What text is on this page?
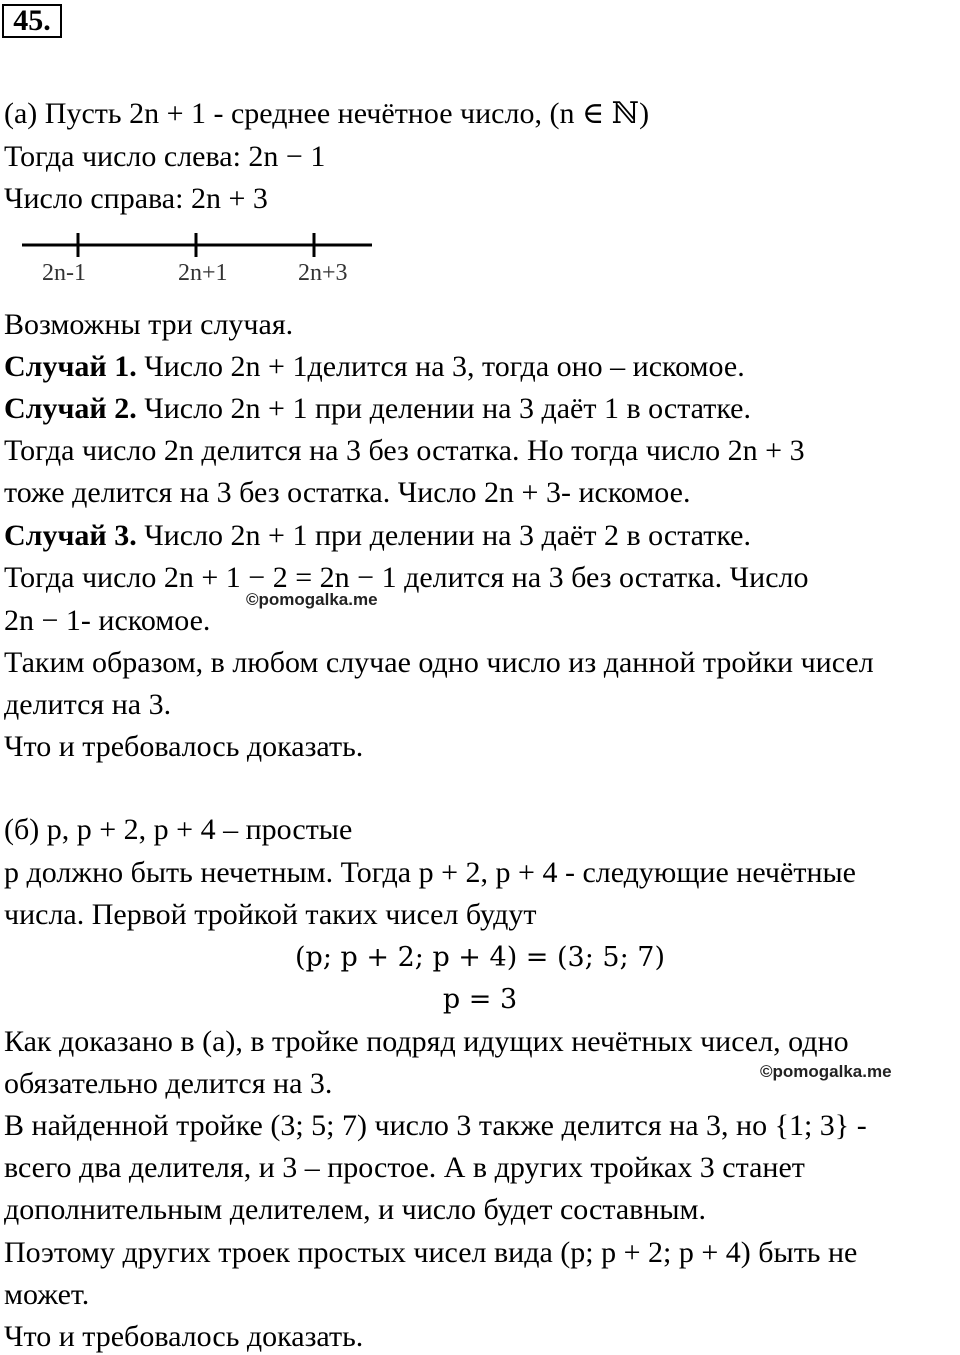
45.
(а) Пусть 2n + 1 - среднее нечётное число, (n ∈ ℕ)
Тогда число слева: 2n − 1
Число справа: 2n + 3
2n-1	2n+1	2n+3
Возможны три случая.
Случай 1. Число 2n + 1делится на 3, тогда оно – искомое.
Случай 2. Число 2n + 1 при делении на 3 даёт 1 в остатке.
Тогда число 2n делится на 3 без остатка. Но тогда число 2n + 3
тоже делится на 3 без остатка. Число 2n + 3- искомое.
Случай 3. Число 2n + 1 при делении на 3 даёт 2 в остатке.
Тогда число 2n + 1 − 2 = 2n − 1 делится на 3 без остатка. Число
©pomogalka.me
2n − 1- искомое.
Таким образом, в любом случае одно число из данной тройки чисел
делится на 3.
Что и требовалось доказать.
(б) p, p + 2, p + 4 – простые
p должно быть нечетным. Тогда p + 2, p + 4 - следующие нечётные
числа. Первой тройкой таких чисел будут
(p; p + 2; p + 4) = (3; 5; 7)
p = 3
Как доказано в (а), в тройке подряд идущих нечётных чисел, одно
обязательно делится на 3.	©pomogalka.me
В найденной тройке (3; 5; 7) число 3 также делится на 3, но {1; 3} -
всего два делителя, и 3 – простое. А в других тройках 3 станет
дополнительным делителем, и число будет составным.
Поэтому других троек простых чисел вида (p; p + 2; p + 4) быть не
может.
Что и требовалось доказать.
